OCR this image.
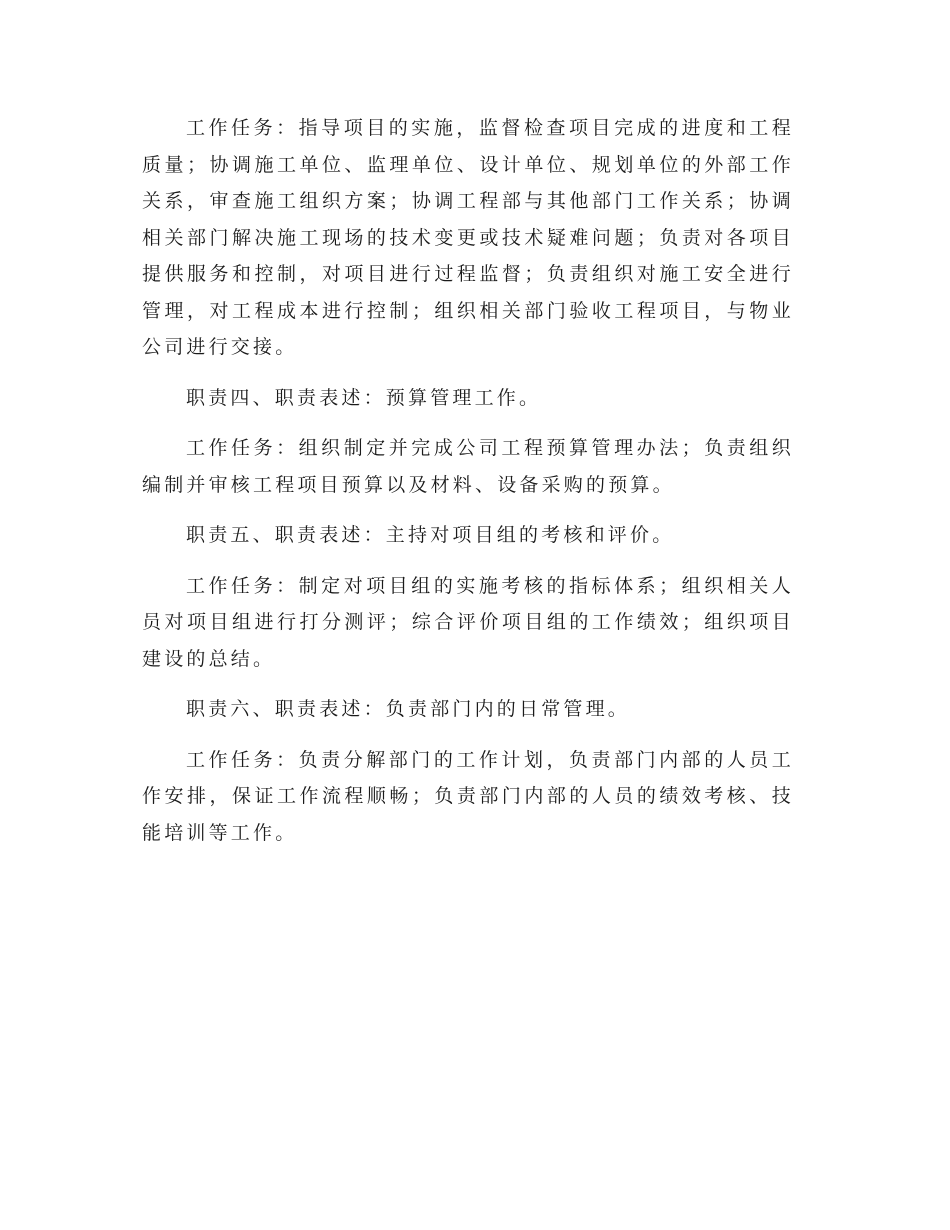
工作任务：指导项目的实施，监督检查项目完成的进度和工程质量；协调施工单位、监理单位、设计单位、规划单位的外部工作关系，审查施工组织方案；协调工程部与其他部门工作关系；协调相关部门解决施工现场的技术变更或技术疑难问题；负责对各项目提供服务和控制，对项目进行过程监督；负责组织对施工安全进行管理，对工程成本进行控制；组织相关部门验收工程项目，与物业公司进行交接。

职责四、职责表述：预算管理工作。

工作任务：组织制定并完成公司工程预算管理办法；负责组织编制并审核工程项目预算以及材料、设备采购的预算。

职责五、职责表述：主持对项目组的考核和评价。

工作任务：制定对项目组的实施考核的指标体系；组织相关人员对项目组进行打分测评；综合评价项目组的工作绩效；组织项目建设的总结。

职责六、职责表述：负责部门内的日常管理。

工作任务：负责分解部门的工作计划，负责部门内部的人员工作安排，保证工作流程顺畅；负责部门内部的人员的绩效考核、技能培训等工作。
